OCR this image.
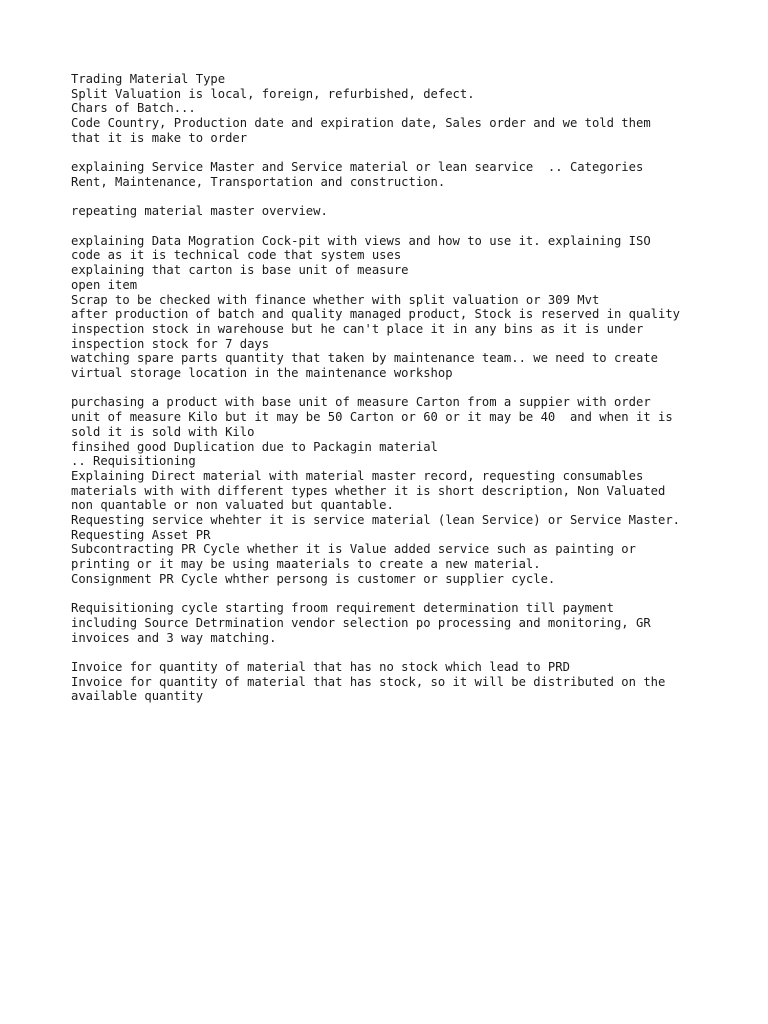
Trading Material Type
Split Valuation is local, foreign, refurbished, defect.
Chars of Batch...
Code Country, Production date and expiration date, Sales order and we told them
that it is make to order
explaining Service Master and Service material or lean searvice  .. Categories
Rent, Maintenance, Transportation and construction.
repeating material master overview.
explaining Data Mogration Cock-pit with views and how to use it. explaining ISO
code as it is technical code that system uses
explaining that carton is base unit of measure
open item
Scrap to be checked with finance whether with split valuation or 309 Mvt
after production of batch and quality managed product, Stock is reserved in quality
inspection stock in warehouse but he can't place it in any bins as it is under
inspection stock for 7 days
watching spare parts quantity that taken by maintenance team.. we need to create
virtual storage location in the maintenance workshop
purchasing a product with base unit of measure Carton from a suppier with order
unit of measure Kilo but it may be 50 Carton or 60 or it may be 40  and when it is
sold it is sold with Kilo
finsihed good Duplication due to Packagin material
.. Requisitioning
Explaining Direct material with material master record, requesting consumables
materials with with different types whether it is short description, Non Valuated
non quantable or non valuated but quantable.
Requesting service whehter it is service material (lean Service) or Service Master.
Requesting Asset PR
Subcontracting PR Cycle whether it is Value added service such as painting or
printing or it may be using maaterials to create a new material.
Consignment PR Cycle whther persong is customer or supplier cycle.
Requisitioning cycle starting froom requirement determination till payment
including Source Detrmination vendor selection po processing and monitoring, GR
invoices and 3 way matching.
Invoice for quantity of material that has no stock which lead to PRD
Invoice for quantity of material that has stock, so it will be distributed on the
available quantity
